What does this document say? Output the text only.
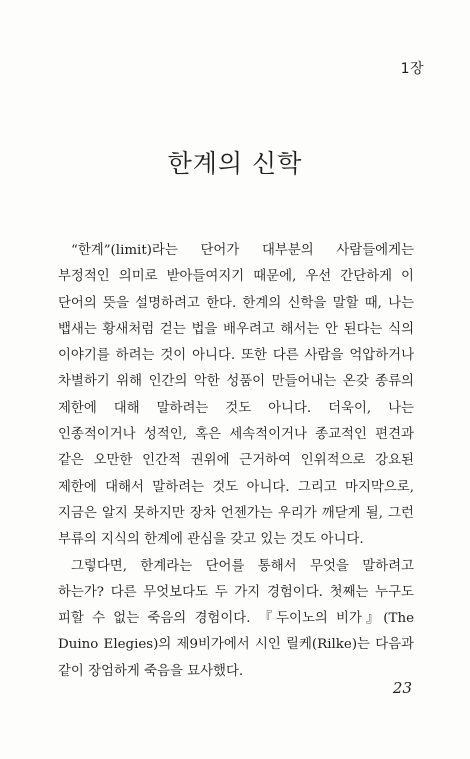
1장
한계의 신학

“한계”(limit)라는 단어가 대부분의 사람들에게는 부정적인 의미로 받아들여지기 때문에, 우선 간단하게 이 단어의 뜻을 설명하려고 한다. 한계의 신학을 말할 때, 나는 뱁새는 황새처럼 걷는 법을 배우려고 해서는 안 된다는 식의 이야기를 하려는 것이 아니다. 또한 다른 사람을 억압하거나 차별하기 위해 인간의 악한 성품이 만들어내는 온갖 종류의 제한에 대해 말하려는 것도 아니다. 더욱이, 나는 인종적이거나 성적인, 혹은 세속적이거나 종교적인 편견과 같은 오만한 인간적 권위에 근거하여 인위적으로 강요된 제한에 대해서 말하려는 것도 아니다. 그리고 마지막으로, 지금은 알지 못하지만 장차 언젠가는 우리가 깨닫게 될, 그런 부류의 지식의 한계에 관심을 갖고 있는 것도 아니다.

그렇다면, 한계라는 단어를 통해서 무엇을 말하려고 하는가? 다른 무엇보다도 두 가지 경험이다. 첫째는 누구도 피할 수 없는 죽음의 경험이다. 『두이노의 비가』(The Duino Elegies)의 제9비가에서 시인 릴케(Rilke)는 다음과 같이 장엄하게 죽음을 묘사했다.

23
